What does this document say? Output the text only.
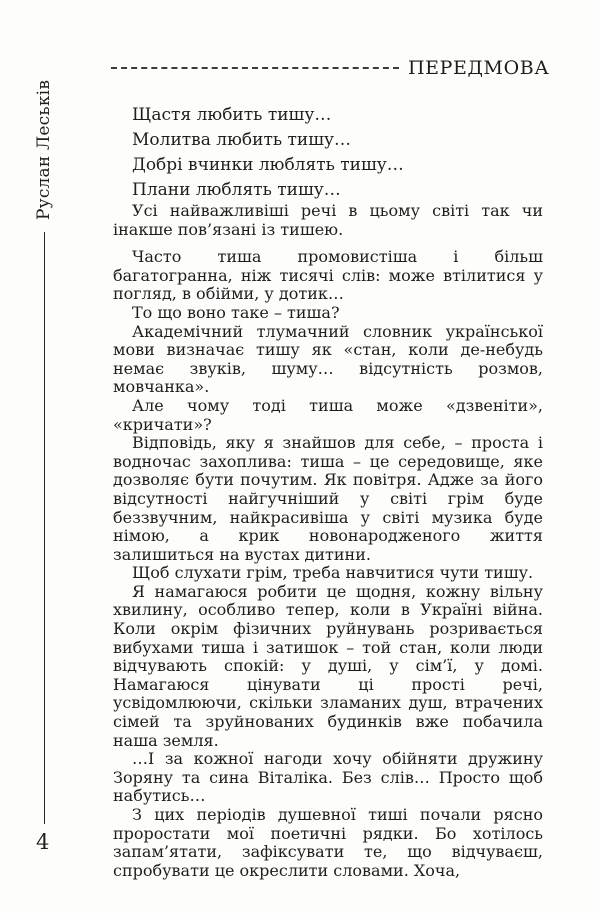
Руслан Леськів
4
ПЕРЕДМОВА
Щастя любить тишу…
Молитва любить тишу…
Добрі вчинки люблять тишу…
Плани люблять тишу…

Усі найважливіші речі в цьому світі так чи інакше пов’язані із тишею.

Часто тиша промовистіша і більш багатогранна, ніж тисячі слів: може втілитися у погляд, в обійми, у дотик…

То що воно таке – тиша?

Академічний тлумачний словник української мови визначає тишу як «стан, коли де-небудь немає звуків, шуму… відсутність розмов, мовчанка».

Але чому тоді тиша може «дзвеніти», «кричати»?

Відповідь, яку я знайшов для себе, – проста і водночас захоплива: тиша – це середовище, яке дозволяє бути почутим. Як повітря. Адже за його відсутності найгучніший у світі грім буде беззвучним, найкрасивіша у світі музика буде німою, а крик новонародженого життя залишиться на вустах дитини.

Щоб слухати грім, треба навчитися чути тишу.

Я намагаюся робити це щодня, кожну вільну хвилину, особливо тепер, коли в Україні війна. Коли окрім фізичних руйнувань розривається вибухами тиша і затишок – той стан, коли люди відчувають спокій: у душі, у сім’ї, у домі. Намагаюся цінувати ці прості речі, усвідомлюючи, скільки зламаних душ, втрачених сімей та зруйнованих будинків вже побачила наша земля.

…І за кожної нагоди хочу обійняти дружину Зоряну та сина Віталіка. Без слів… Просто щоб набутись…

З цих періодів душевної тиші почали рясно проростати мої поетичні рядки. Бо хотілось запам’ятати, зафіксувати те, що відчуваєш, спробувати це окреслити словами. Хоча,
